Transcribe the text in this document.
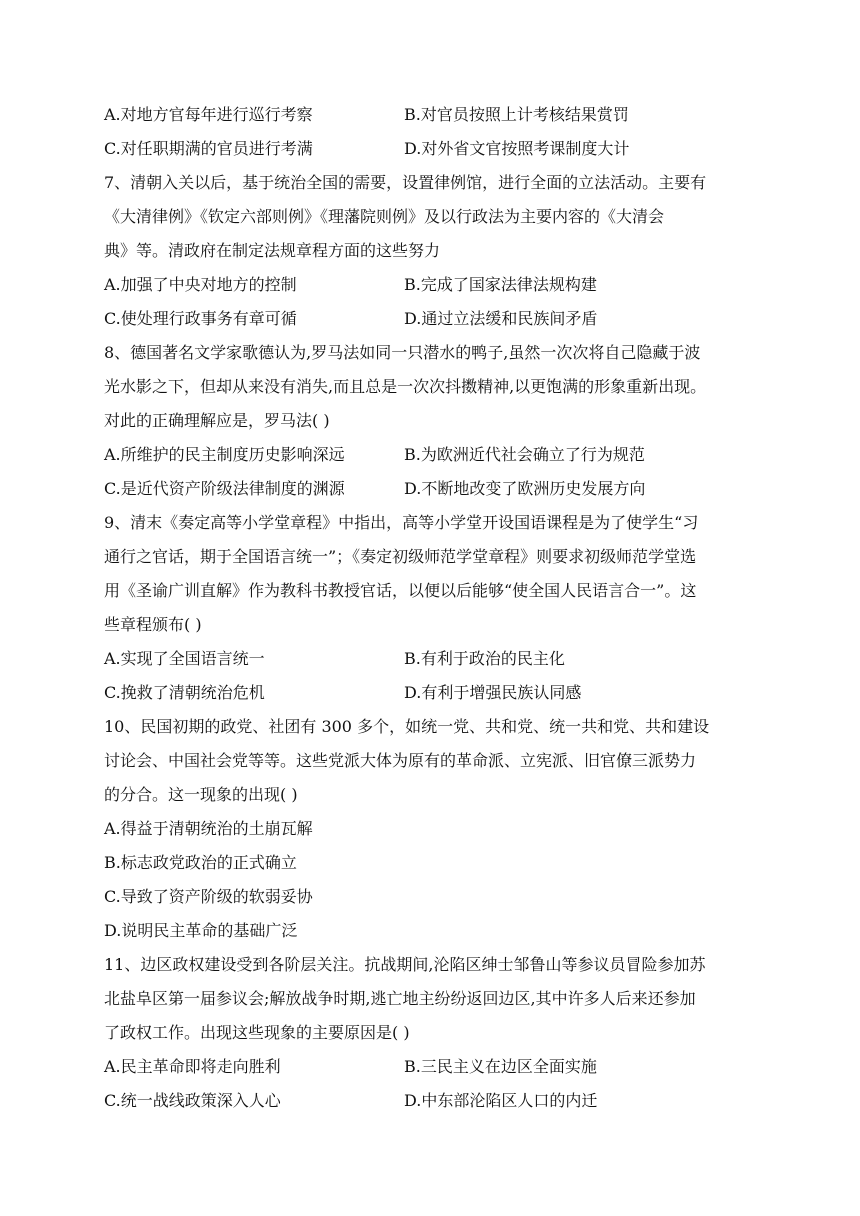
A.对地方官每年进行巡行考察	B.对官员按照上计考核结果赏罚
C.对任职期满的官员进行考满	D.对外省文官按照考课制度大计
7、清朝入关以后，基于统治全国的需要，设置律例馆，进行全面的立法活动。主要有
《大清律例》《钦定六部则例》《理藩院则例》及以行政法为主要内容的《大清会
典》等。清政府在制定法规章程方面的这些努力
A.加强了中央对地方的控制	B.完成了国家法律法规构建
C.使处理行政事务有章可循	D.通过立法缓和民族间矛盾
8、德国著名文学家歌德认为,罗马法如同一只潜水的鸭子,虽然一次次将自己隐藏于波
光水影之下，但却从来没有消失,而且总是一次次抖擞精神,以更饱满的形象重新出现。
对此的正确理解应是，罗马法( )
A.所维护的民主制度历史影响深远	B.为欧洲近代社会确立了行为规范
C.是近代资产阶级法律制度的渊源	D.不断地改变了欧洲历史发展方向
9、清末《奏定高等小学堂章程》中指出，高等小学堂开设国语课程是为了使学生“习
通行之官话，期于全国语言统一”；《奏定初级师范学堂章程》则要求初级师范学堂选
用《圣谕广训直解》作为教科书教授官话，以便以后能够“使全国人民语言合一”。这
些章程颁布( )
A.实现了全国语言统一	B.有利于政治的民主化
C.挽救了清朝统治危机	D.有利于增强民族认同感
10、民国初期的政党、社团有 300 多个，如统一党、共和党、统一共和党、共和建设
讨论会、中国社会党等等。这些党派大体为原有的革命派、立宪派、旧官僚三派势力
的分合。这一现象的出现( )
A.得益于清朝统治的土崩瓦解
B.标志政党政治的正式确立
C.导致了资产阶级的软弱妥协
D.说明民主革命的基础广泛
11、边区政权建设受到各阶层关注。抗战期间,沦陷区绅士邹鲁山等参议员冒险参加苏
北盐阜区第一届参议会;解放战争时期,逃亡地主纷纷返回边区,其中许多人后来还参加
了政权工作。出现这些现象的主要原因是( )
A.民主革命即将走向胜利	B.三民主义在边区全面实施
C.统一战线政策深入人心	D.中东部沦陷区人口的内迁
